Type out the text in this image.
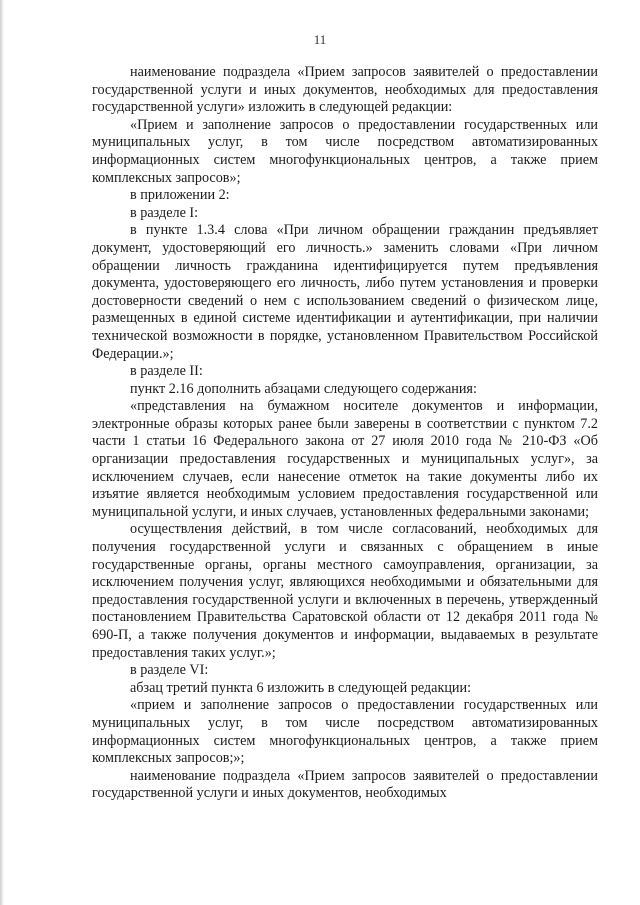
11

наименование подраздела «Прием запросов заявителей о предоставлении государственной услуги и иных документов, необходимых для предоставления государственной услуги» изложить в следующей редакции:

«Прием и заполнение запросов о предоставлении государственных или муниципальных услуг, в том числе посредством автоматизированных информационных систем многофункциональных центров, а также прием комплексных запросов»;

в приложении 2:

в разделе I:

в пункте 1.3.4 слова «При личном обращении гражданин предъявляет документ, удостоверяющий его личность.» заменить словами «При личном обращении личность гражданина идентифицируется путем предъявления документа, удостоверяющего его личность, либо путем установления и проверки достоверности сведений о нем с использованием сведений о физическом лице, размещенных в единой системе идентификации и аутентификации, при наличии технической возможности в порядке, установленном Правительством Российской Федерации.»;

в разделе II:

пункт 2.16 дополнить абзацами следующего содержания:

«представления на бумажном носителе документов и информации, электронные образы которых ранее были заверены в соответствии с пунктом 7.2 части 1 статьи 16 Федерального закона от 27 июля 2010 года № 210-ФЗ «Об организации предоставления государственных и муниципальных услуг», за исключением случаев, если нанесение отметок на такие документы либо их изъятие является необходимым условием предоставления государственной или муниципальной услуги, и иных случаев, установленных федеральными законами;

осуществления действий, в том числе согласований, необходимых для получения государственной услуги и связанных с обращением в иные государственные органы, органы местного самоуправления, организации, за исключением получения услуг, являющихся необходимыми и обязательными для предоставления государственной услуги и включенных в перечень, утвержденный постановлением Правительства Саратовской области от 12 декабря 2011 года № 690-П, а также получения документов и информации, выдаваемых в результате предоставления таких услуг.»;

в разделе VI:

абзац третий пункта 6 изложить в следующей редакции:

«прием и заполнение запросов о предоставлении государственных или муниципальных услуг, в том числе посредством автоматизированных информационных систем многофункциональных центров, а также прием комплексных запросов;»;

наименование подраздела «Прием запросов заявителей о предоставлении государственной услуги и иных документов, необходимых
